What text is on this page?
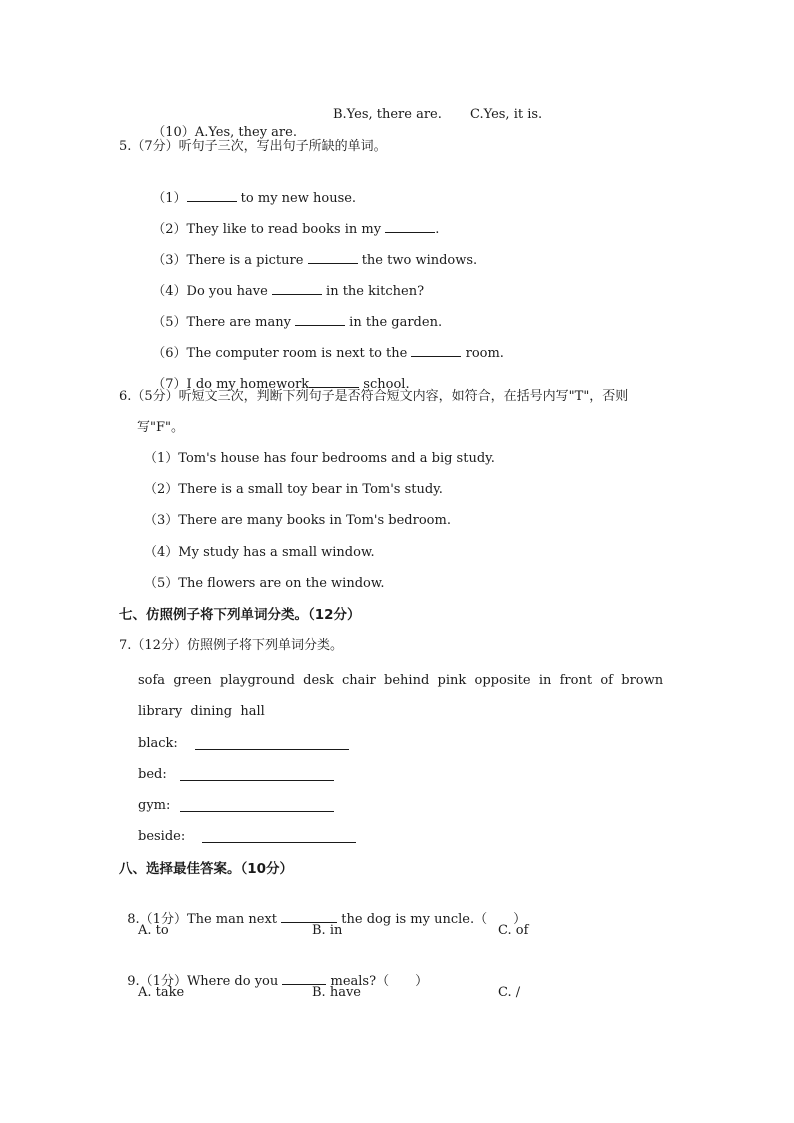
（10）A.Yes, they are.

B.Yes, there are. C.Yes, it is.
5.（7分）听句子三次，写出句子所缺的单词。

（1）	to my new house.

（2）They like to read books in my	.

（3）There is a picture	the two windows.

（4）Do you have	in the kitchen?

（5）There are many	in the garden.

（6）The computer room is next to the	room.

（7）I do my homework	school.

6.（5分）听短文三次，判断下列句子是否符合短文内容，如符合，在括号内写"T"，否则
写"F"。
（1）Tom's house has four bedrooms and a big study.
（2）There is a small toy bear in Tom's study.
（3）There are many books in Tom's bedroom.
（4）My study has a small window.
（5）The flowers are on the window.
七、仿照例子将下列单词分类。（12分）
7.（12分）仿照例子将下列单词分类。
sofa  green  playground  desk  chair  behind  pink  opposite  in  front  of  brown
library  dining  hall
black:
bed:
gym:
beside:
八、选择最佳答案。（10分）

8.（1分）The man next	the dog is my uncle.（ ）

A. to	B. in	C. of

9.（1分）Where do you	meals?（ ）

A. take	B. have	C. /
